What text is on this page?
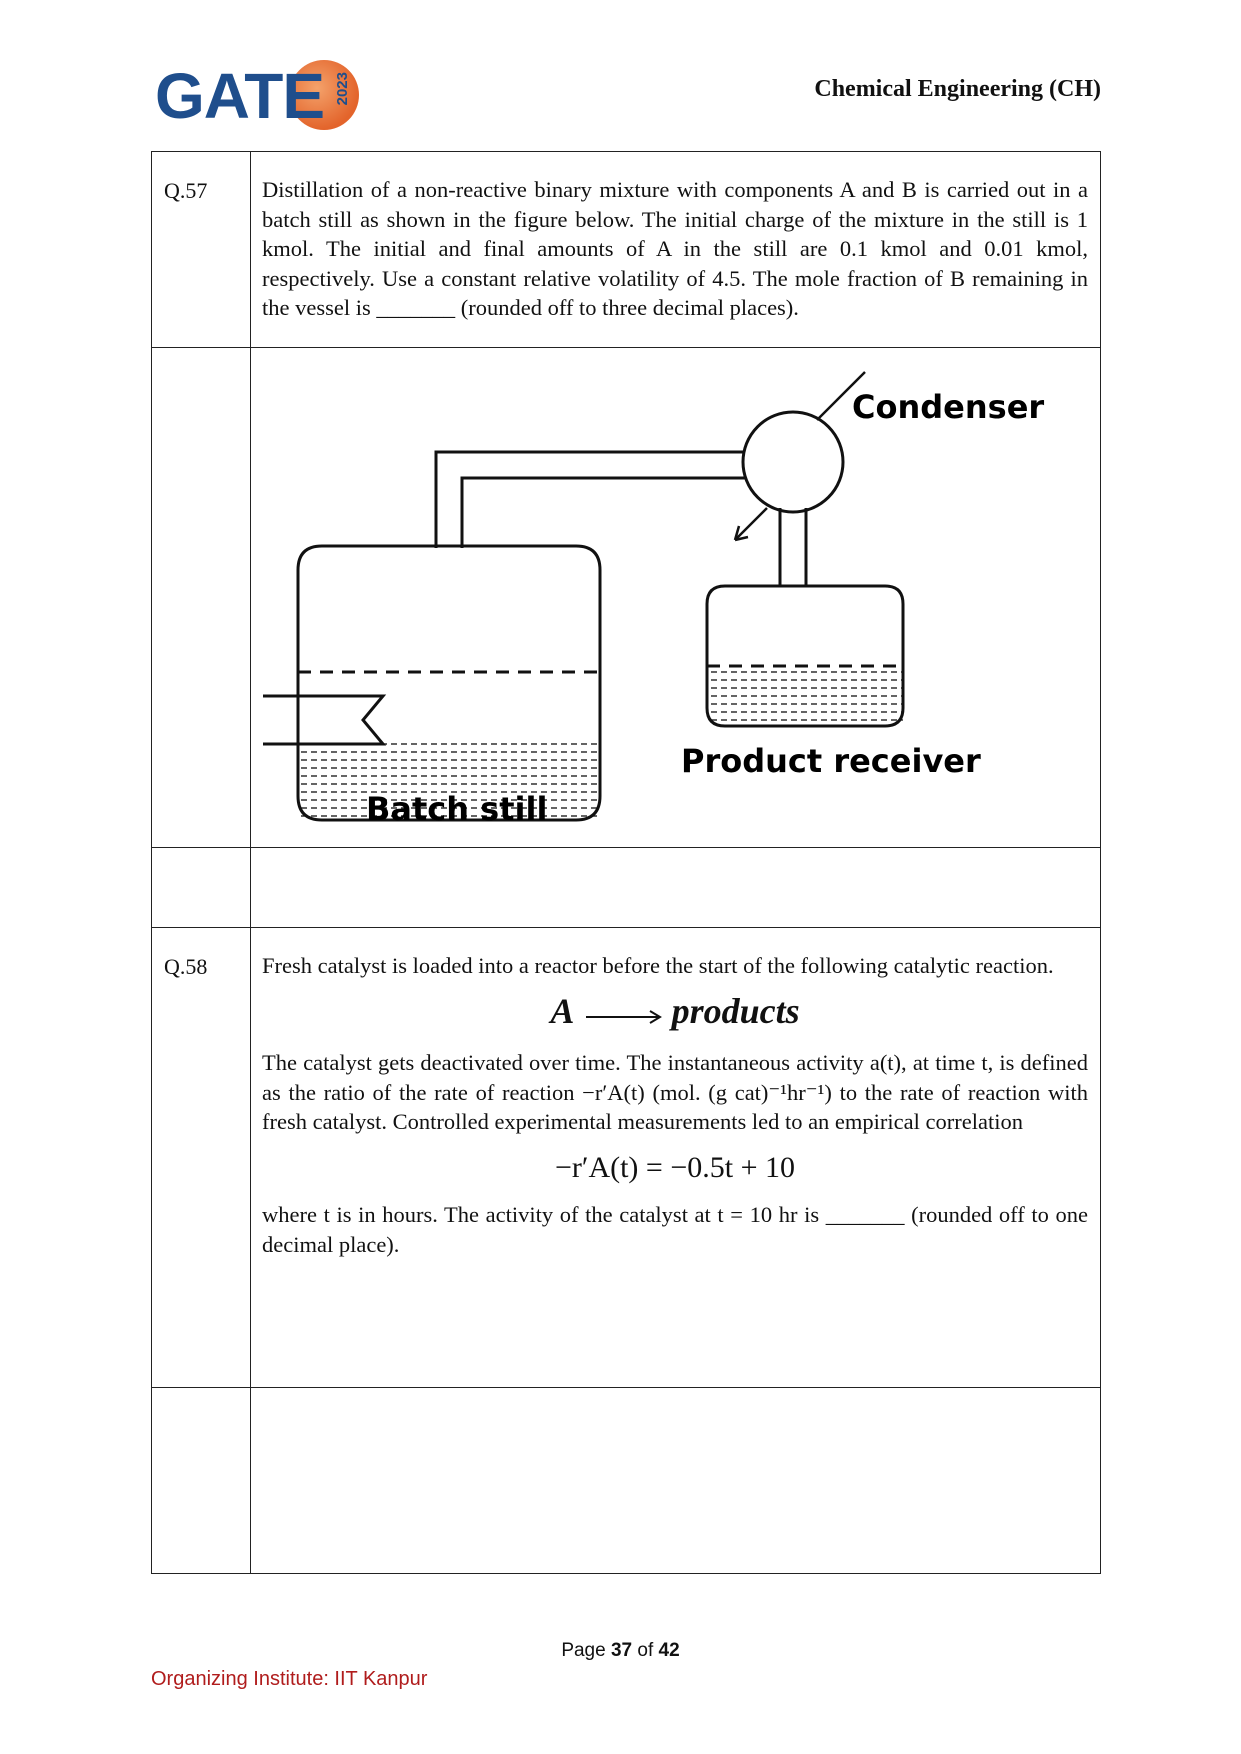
GATE 2023	Chemical Engineering (CH)
Q.57	Distillation of a non-reactive binary mixture with components A and B is carried out in a batch still as shown in the figure below. The initial charge of the mixture in the still is 1 kmol. The initial and final amounts of A in the still are 0.1 kmol and 0.01 kmol, respectively. Use a constant relative volatility of 4.5. The mole fraction of B remaining in the vessel is _______ (rounded off to three decimal places).

Condenser
Product receiver
Batch still

Q.58	Fresh catalyst is loaded into a reactor before the start of the following catalytic reaction.

A → products

The catalyst gets deactivated over time. The instantaneous activity a(t), at time t, is defined as the ratio of the rate of reaction −r′A(t) (mol. (g cat)⁻¹hr⁻¹) to the rate of reaction with fresh catalyst. Controlled experimental measurements led to an empirical correlation

−r′A(t) = −0.5t + 10

where t is in hours. The activity of the catalyst at t = 10 hr is _______ (rounded off to one decimal place).

Page 37 of 42
Organizing Institute: IIT Kanpur
